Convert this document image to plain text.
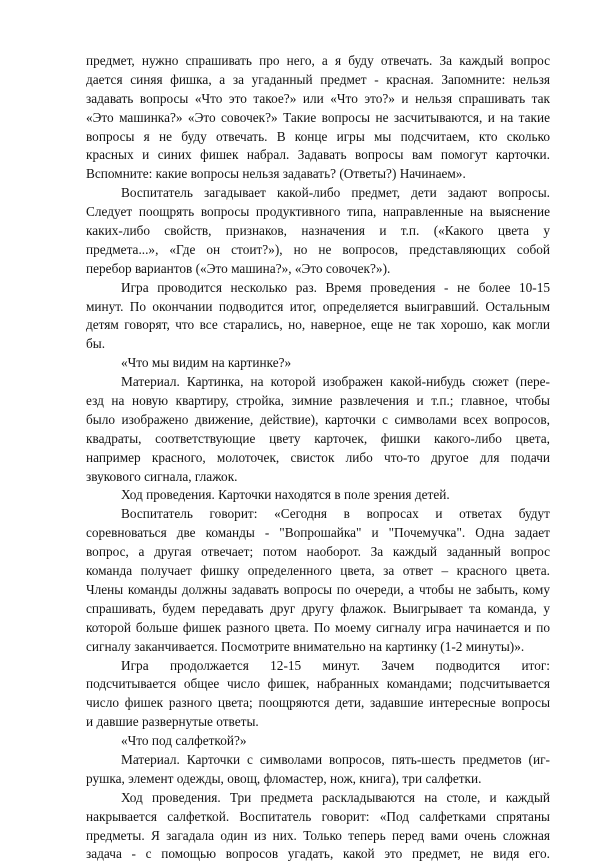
предмет, нужно спрашивать про него, а я буду отвечать. За каждый вопрос
дается синяя фишка, а за угаданный предмет - красная. Запомните: нельзя
задавать вопросы «Что это такое?» или «Что это?» и нельзя спрашивать так
«Это машинка?» «Это совочек?» Такие вопросы не засчитываются, и на такие
вопросы я не буду отвечать. В конце игры мы подсчитаем, кто сколько
красных и синих фишек набрал. Задавать вопросы вам помогут карточки.
Вспомните: какие вопросы нельзя задавать? (Ответы?) Начинаем».
Воспитатель загадывает какой-либо предмет, дети задают вопросы.
Следует поощрять вопросы продуктивного типа, направленные на выяснение
каких-либо свойств, признаков, назначения и т.п. («Какого цвета у
предмета...», «Где он стоит?»), но не вопросов, представляющих собой
перебор вариантов («Это машина?», «Это совочек?»).
Игра проводится несколько раз. Время проведения - не более 10-15
минут. По окончании подводится итог, определяется выигравший. Остальным
детям говорят, что все старались, но, наверное, еще не так хорошо, как могли
бы.
«Что мы видим на картинке?»
Материал. Картинка, на которой изображен какой-нибудь сюжет (пере-
езд на новую квартиру, стройка, зимние развлечения и т.п.; главное, чтобы
было изображено движение, действие), карточки с символами всех вопросов,
квадраты, соответствующие цвету карточек, фишки какого-либо цвета,
например красного, молоточек, свисток либо что-то другое для подачи
звукового сигнала, глажок.
Ход проведения. Карточки находятся в поле зрения детей.
Воспитатель говорит: «Сегодня в вопросах и ответах будут
соревноваться две команды - "Вопрошайка" и "Почемучка". Одна задает
вопрос, а другая отвечает; потом наоборот. За каждый заданный вопрос
команда получает фишку определенного цвета, за ответ – красного цвета.
Члены команды должны задавать вопросы по очереди, а чтобы не забыть, кому
спрашивать, будем передавать друг другу флажок. Выигрывает та команда, у
которой больше фишек разного цвета. По моему сигналу игра начинается и по
сигналу заканчивается. Посмотрите внимательно на картинку (1-2 минуты)».
Игра продолжается 12-15 минут. Зачем подводится итог:
подсчитывается общее число фишек, набранных командами; подсчитывается
число фишек разного цвета; поощряются дети, задавшие интересные вопросы
и давшие развернутые ответы.
«Что под салфеткой?»
Материал. Карточки с символами вопросов, пять-шесть предметов (иг-
рушка, элемент одежды, овощ, фломастер, нож, книга), три салфетки.
Ход проведения. Три предмета раскладываются на столе, и каждый
накрывается салфеткой. Воспитатель говорит: «Под салфетками спрятаны
предметы. Я загадала один из них. Только теперь перед вами очень сложная
задача - с помощью вопросов угадать, какой это предмет, не видя его.
